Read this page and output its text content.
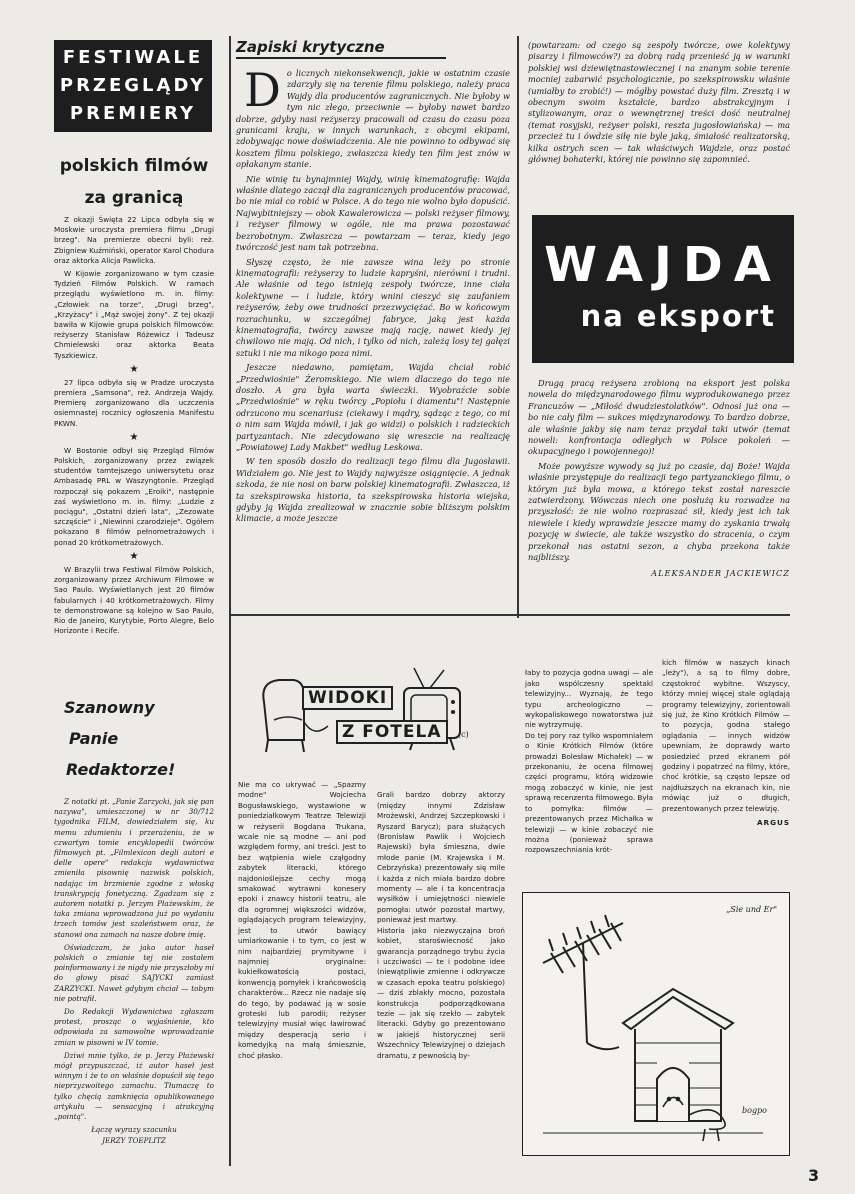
FESTIWALE
PRZEGLĄDY
PREMIERY
polskich filmów
za granicą

Z okazji Święta 22 Lipca odbyła się w Moskwie uroczysta premiera filmu „Drugi brzeg". Na premierze obecni byli: reż. Zbigniew Kuźmiński, operator Karol Chodura oraz aktorka Alicja Pawlicka.

W Kijowie zorganizowano w tym czasie Tydzień Filmów Polskich. W ramach przeglądu wyświetlono m. in. filmy: „Człowiek na torze", „Drugi brzeg", „Krzyżacy" i „Mąż swojej żony". Z tej okazji bawiła w Kijowie grupa polskich filmowców: reżyserzy Stanisław Różewicz i Tadeusz Chmielewski oraz aktorka Beata Tyszkiewicz.

★

27 lipca odbyła się w Pradze uroczysta premiera „Samsona", reż. Andrzeja Wajdy. Premierę zorganizowano dla uczczenia osiemnastej rocznicy ogłoszenia Manifestu PKWN.

★

W Bostonie odbył się Przegląd Filmów Polskich, zorganizowany przez związek studentów tamtejszego uniwersytetu oraz Ambasadę PRL w Waszyngtonie. Przegląd rozpoczął się pokazem „Eroiki", następnie zaś wyświetlono m. in. filmy: „Ludzie z pociągu", „Ostatni dzień lata", „Zezowate szczęście" i „Niewinni czarodzieje". Ogółem pokazano 8 filmów pełnometrażowych i ponad 20 krótkometrażowych.

★

W Brazylii trwa Festiwal Filmów Polskich, zorganizowany przez Archiwum Filmowe w Sao Paulo. Wyświetlanych jest 20 filmów fabularnych i 40 krótkometrażowych. Filmy te demonstrowane są kolejno w Sao Paulo, Rio de Janeiro, Kurytybie, Porto Alegre, Belo Horizonte i Recife.

Szanowny
Panie
Redaktorze!

Z notatki pt. „Panie Zarzycki, jak się pan nazywa", umieszczonej w nr 30/712 tygodnika FILM, dowiedziałem się, ku memu zdumieniu i przerażeniu, że w czwartym tomie encyklopedii twórców filmowych pt. „Filmlexicon degli autori e delle opere" redakcja wydawnictwa zmieniła pisownię nazwisk polskich, nadając im brzmienie zgodne z włoską transkrypcją fonetyczną. Zgadzam się z autorem notatki p. Jerzym Płażewskim, że taka zmiana wprowadzona już po wydaniu trzech tomów jest szaleństwem oraz, że stanowi ona zamach na nasze dobre imię.

Oświadczam, że jako autor haseł polskich o zmianie tej nie zostałem poinformowany i że nigdy nie przyszłoby mi do głowy pisać SAJYCKI zamiast ZARZYCKI. Nawet gdybym chciał — tobym nie potrafił.

Do Redakcji Wydawnictwa zgłaszam protest, prosząc o wyjaśnienie, kto odpowiada za samowolne wprowadzanie zmian w pisowni w IV tomie.

Dziwi mnie tylko, że p. Jerzy Płażewski mógł przypuszczać, iż autor haseł jest winnym i że to on właśnie dopuścił się tego nieprzyzwoitego zamachu. Tłumaczę to tylko chęcią zamknięcia opublikowanego artykułu — sensacyjną i atrakcyjną „pointą".

Łączę wyrazy szacunku
JERZY TOEPLITZ
Zapiski krytyczne
D o licznych niekonsekwencji, jakie w ostatnim czasie zdarzyły się na terenie filmu polskiego, należy praca Wajdy dla producentów zagranicznych. Nie byłoby w tym nic złego, przeciwnie — byłoby nawet bardzo dobrze, gdyby nasi reżyserzy pracowali od czasu do czasu poza granicami kraju, w innych warunkach, z obcymi ekipami, zdobywając nowe doświadczenia. Ale nie powinno to odbywać się kosztem filmu polskiego, zwłaszcza kiedy ten film jest znów w opłakanym stanie.

Nie winię tu bynajmniej Wajdy, winię kinematografię: Wajda właśnie dlatego zaczął dla zagranicznych producentów pracować, bo nie miał co robić w Polsce. A do tego nie wolno było dopuścić. Najwybitniejszy — obok Kawalerowicza — polski reżyser filmowy, i reżyser filmowy w ogóle, nie ma prawa pozostawać bezrobotnym. Zwłaszcza — powtarzam — teraz, kiedy jego twórczość jest nam tak potrzebna.

Słyszę często, że nie zawsze wina leży po stronie kinematografii: reżyserzy to ludzie kapryśni, nierówni i trudni. Ale właśnie od tego istnieją zespoły twórcze, inne ciała kolektywne — i ludzie, który wnini cieszyć się zaufaniem reżyserów, żeby owe trudności przezwyciężać. Bo w końcowym rozrachunku, w szczególnej fabryce, jaką jest każda kinematografia, twórcy zawsze mają rację, nawet kiedy jej chwilowo nie mają. Od nich, i tylko od nich, zależą losy tej gałęzi sztuki i nie ma nikogo poza nimi.

Jeszcze niedawno, pamiętam, Wajda chciał robić „Przedwiośnie" Żeromskiego. Nie wiem dlaczego do tego nie doszło. A gra była warta świeczki. Wyobraźcie sobie „Przedwiośnie" w ręku twórcy „Popiołu i diamentu"! Następnie odrzucono mu scenariusz (ciekawy i mądry, sądząc z tego, co mi o nim sam Wajda mówił, i jak go widzi) o polskich i radzieckich partyzantach. Nie zdecydowano się wreszcie na realizację „Powiatowej Lady Makbet" według Leskowa.

W ten sposób doszło do realizacji tego filmu dla Jugosławii. Widziałem go. Nie jest to Wajdy najwyższe osiągnięcie. A jednak szkoda, że nie nosi on barw polskiej kinematografii. Zwłaszcza, iż ta szekspirowska historia, ta szekspirowska historia wiejska, gdyby ją Wajda zrealizował w znacznie sobie bliższym polskim klimacie, a może jeszcze

(powtarzam: od czego są zespoły twórcze, owe kolektywy pisarzy i filmowców?) za dobrą radą przenieść ją w warunki polskiej wsi dziewiętnastowiecznej i na znanym sobie terenie mocniej zabarwić psychologicznie, po szekspirowsku właśnie (umiałby to zrobić!) — mógłby powstać duży film. Zresztą i w obecnym swoim kształcie, bardzo abstrakcyjnym i stylizowanym, oraz o wewnętrznej treści dość neutralnej (temat rosyjski, reżyser polski, reszta jugosłowiańska) — ma przecież tu i ówdzie siłę nie byle jaką, śmiałość realizatorską, kilka ostrych scen — tak właściwych Wajdzie, oraz postać głównej bohaterki, której nie powinno się zapomnieć.

WAJDA
na eksport

Drugą pracą reżysera zrobioną na eksport jest polska nowela do międzynarodowego filmu wyprodukowanego przez Francuzów — „Miłość dwudziestolatków". Odnosi już ona — bo nie cały film — sukces międzynarodowy. To bardzo dobrze, ale właśnie jakby się nam teraz przydał taki utwór (temat noweli: konfrontacja odległych w Polsce pokoleń — okupacyjnego i powojennego)!

Może powyższe wywody są już po czasie, daj Boże! Wajda właśnie przystępuje do realizacji tego partyzanckiego filmu, o którym już była mowa, a którego tekst został nareszcie zatwierdzony. Wówczas niech one posłużą ku rozwadze na przyszłość: że nie wolno rozpraszać sił, kiedy jest ich tak niewiele i kiedy wprawdzie jeszcze mamy do zyskania trwałą pozycję w świecie, ale także wszystko do stracenia, o czym przekonał nas ostatni sezon, a chyba przekona także najbliższy.

ALEKSANDER JACKIEWICZ
WIDOKI
Z FOTELA	(c)

Nie ma co ukrywać — „Spazmy modne" Wojciecha Bogusławskiego, wystawione w poniedziałkowym Teatrze Telewizji w reżyserii Bogdana Trukana, wcale nie są modne — ani pod względem formy, ani treści. Jest to bez wątpienia wiele cząłgodny zabytek literacki, którego najdonioślejsze cechy mogą smakować wytrawni konesery epoki i znawcy historii teatru, ale dla ogromnej większości widzów, oglądających program telewizyjny, jest to utwór bawiący umiarkowanie i to tym, co jest w nim najbardziej prymitywne i najmniej oryginalne: kukiełkowatością postaci, konwencją pomyłek i krańcowością charakterów... Rzecz nie nadaje się do tego, by podawać ją w sosie groteski lub parodii; reżyser telewizyjny musiał więc ławirować między desperacją serio i komedyjką na małą śmiesznie, choć płasko.

Grali bardzo dobrzy aktorzy (między innymi Zdzisław Mrożewski, Andrzej Szczepkowski i Ryszard Barycz); para służących (Bronisław Pawlik i Wojciech Rajewski) była śmieszna, dwie młode panie (M. Krajewska i M. Cebrzyńska) prezentowały się mile i każda z nich miała bardzo dobre momenty — ale i ta koncentracja wysiłków i umiejętności niewiele pomogła: utwór pozostał martwy, ponieważ jest martwy.
Historia jako niezwyczajna broń kobiet, staroświecność jako gwarancja porządnego trybu życia i uczciwości — te i podobne idee (niewątpliwie zmienne i odkrywcze w czasach epoka teatru polskiego) — dziś zblakły mocno, pozostała konstrukcja podporządkowana tezie — jak się rzekło — zabytek literacki. Gdyby go prezentowano w jakiejś historycznej serii Wszechnicy Telewizyjnej o dziejach dramatu, z pewnością by-

łaby to pozycja godna uwagi — ale jako wspólczesny spektakl telewizyjny... Wyznaję, że tego typu archeologiczno — wykopaliskowego nowatorstwa już nie wytrzymuję.
Do tej pory raz tylko wspomniałem o Kinie Krótkich Filmów (które prowadzi Bolesław Michałek) — w przekonaniu, że ocena filmowej części programu, którą widzowie mogą zobaczyć w kinie, nie jest sprawą recenzenta filmowego. Była to pomyłka: filmów — prezentowanych przez Michałka w telewizji — w kinie zobaczyć nie można (ponieważ sprawa rozpowszechniania krót-

kich filmów w naszych kinach „leży"), a są to filmy dobre, częstokroć wybitne. Wszyscy, którzy mniej więcej stale oglądają programy telewizyjny, zorientowali się już, że Kino Krótkich Filmów — to pozycja, godna stałego oglądania — innych widzów upewniam, że doprawdy warto posiedzieć przed ekranem pół godziny i popatrzeć na filmy, które, choć krótkie, są często lepsze od najdłuższych na ekranach kin, nie mówiąc już o długich, prezentowanych przez telewizję.

ARGUS
„Sie und Er"
bogpo
3
